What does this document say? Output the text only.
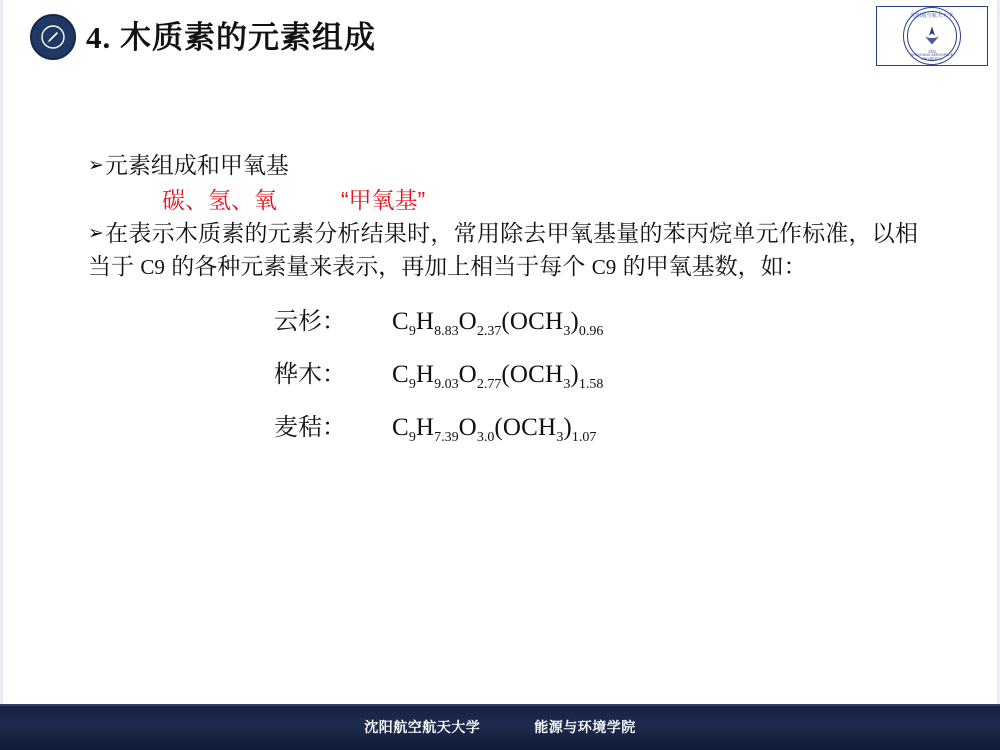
4. 木质素的元素组成
沈阳航空航天大学
1952
SHENYANG AEROSPACE UNIVERSITY
➢元素组成和甲氧基
碳、氢、氧          “甲氧基”
➢在表示木质素的元素分析结果时，常用除去甲氧基量的苯丙烷单元作标准，以相当于 C9 的各种元素量来表示，再加上相当于每个 C9 的甲氧基数，如：
云杉：	$C_9H_{8.83}O_{2.37}(OCH_3)_{0.96}$
桦木：	$C_9H_{9.03}O_{2.77}(OCH_3)_{1.58}$
麦秸：	$C_9H_{7.39}O_{3.0}(OCH_3)_{1.07}$
沈阳航空航天大学	能源与环境学院
